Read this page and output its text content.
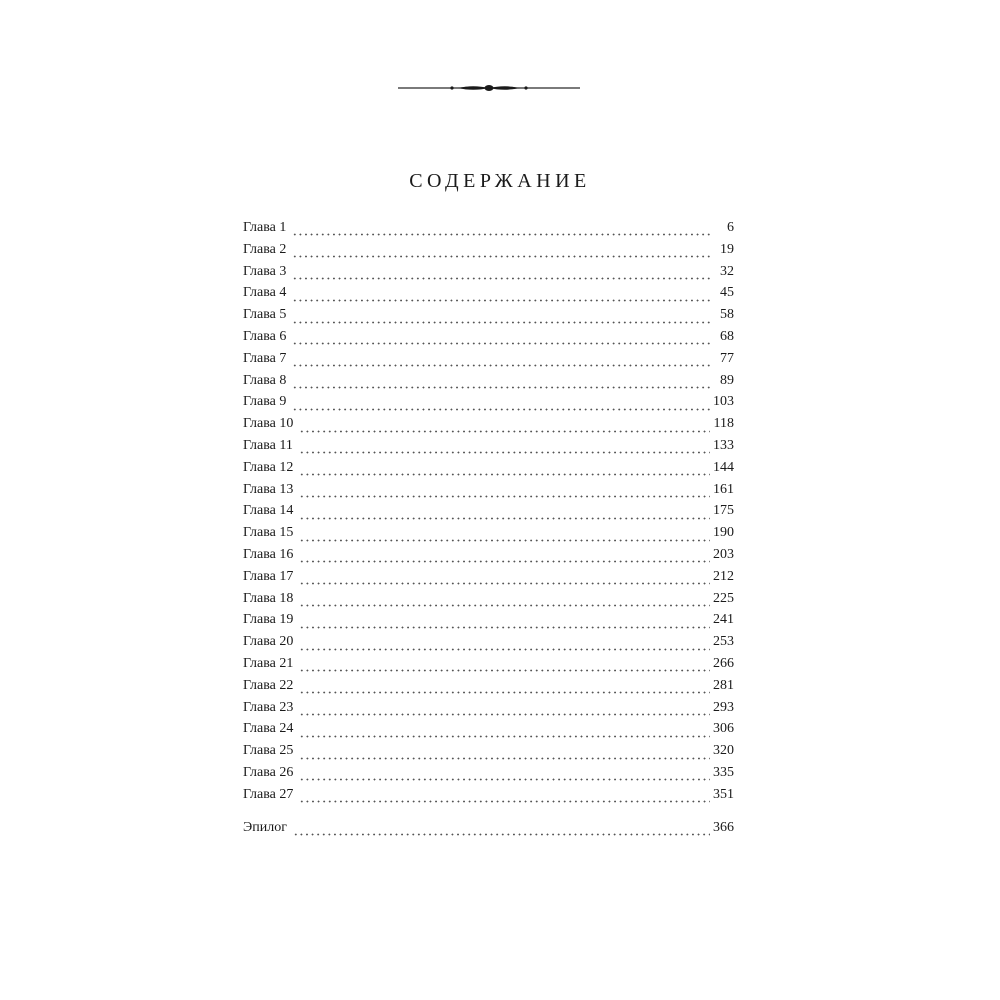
СОДЕРЖАНИЕ
Глава 1	6
Глава 2	19
Глава 3	32
Глава 4	45
Глава 5	58
Глава 6	68
Глава 7	77
Глава 8	89
Глава 9	103
Глава 10	118
Глава 11	133
Глава 12	144
Глава 13	161
Глава 14	175
Глава 15	190
Глава 16	203
Глава 17	212
Глава 18	225
Глава 19	241
Глава 20	253
Глава 21	266
Глава 22	281
Глава 23	293
Глава 24	306
Глава 25	320
Глава 26	335
Глава 27	351
Эпилог	366
